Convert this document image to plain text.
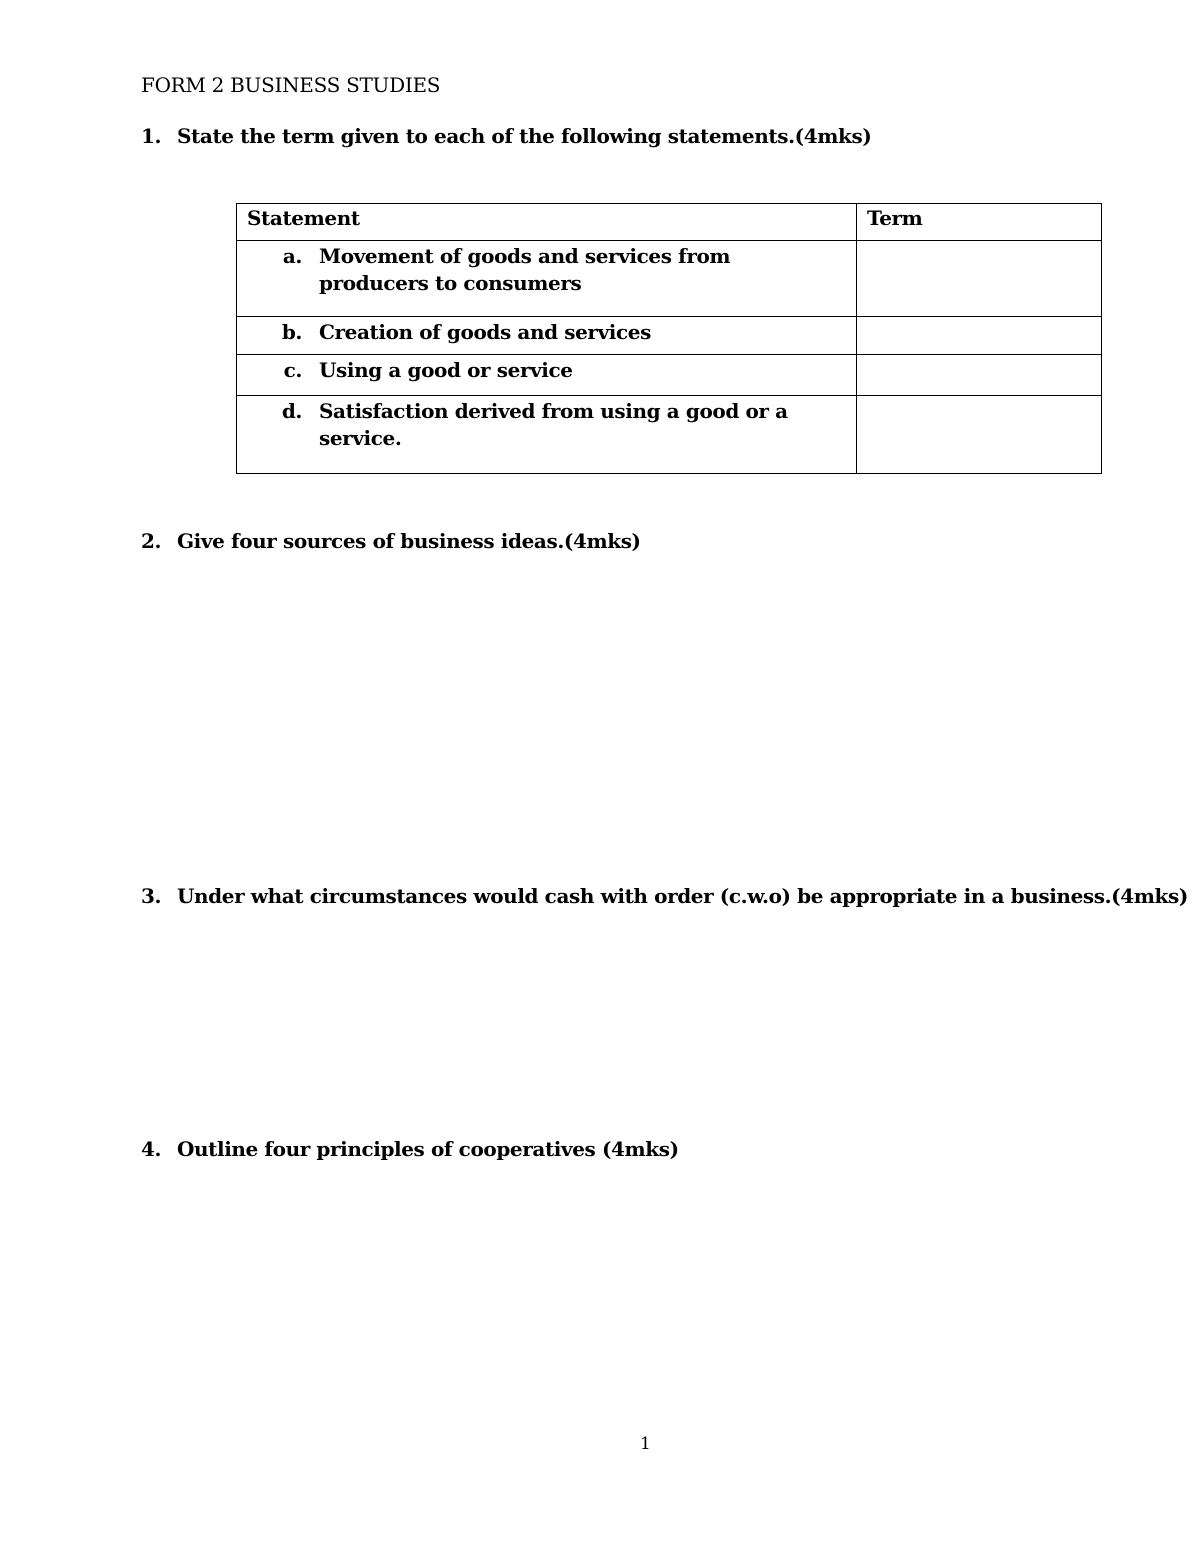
FORM 2 BUSINESS STUDIES
1. State the term given to each of the following statements.(4mks)
Statement	Term

a. Movement of goods and services from producers to consumers	

b. Creation of goods and services	

c. Using a good or service	

d. Satisfaction derived from using a good or a service.	

2. Give four sources of business ideas.(4mks)
3. Under what circumstances would cash with order (c.w.o) be appropriate in a business.(4mks)
4. Outline four principles of cooperatives (4mks)
1
